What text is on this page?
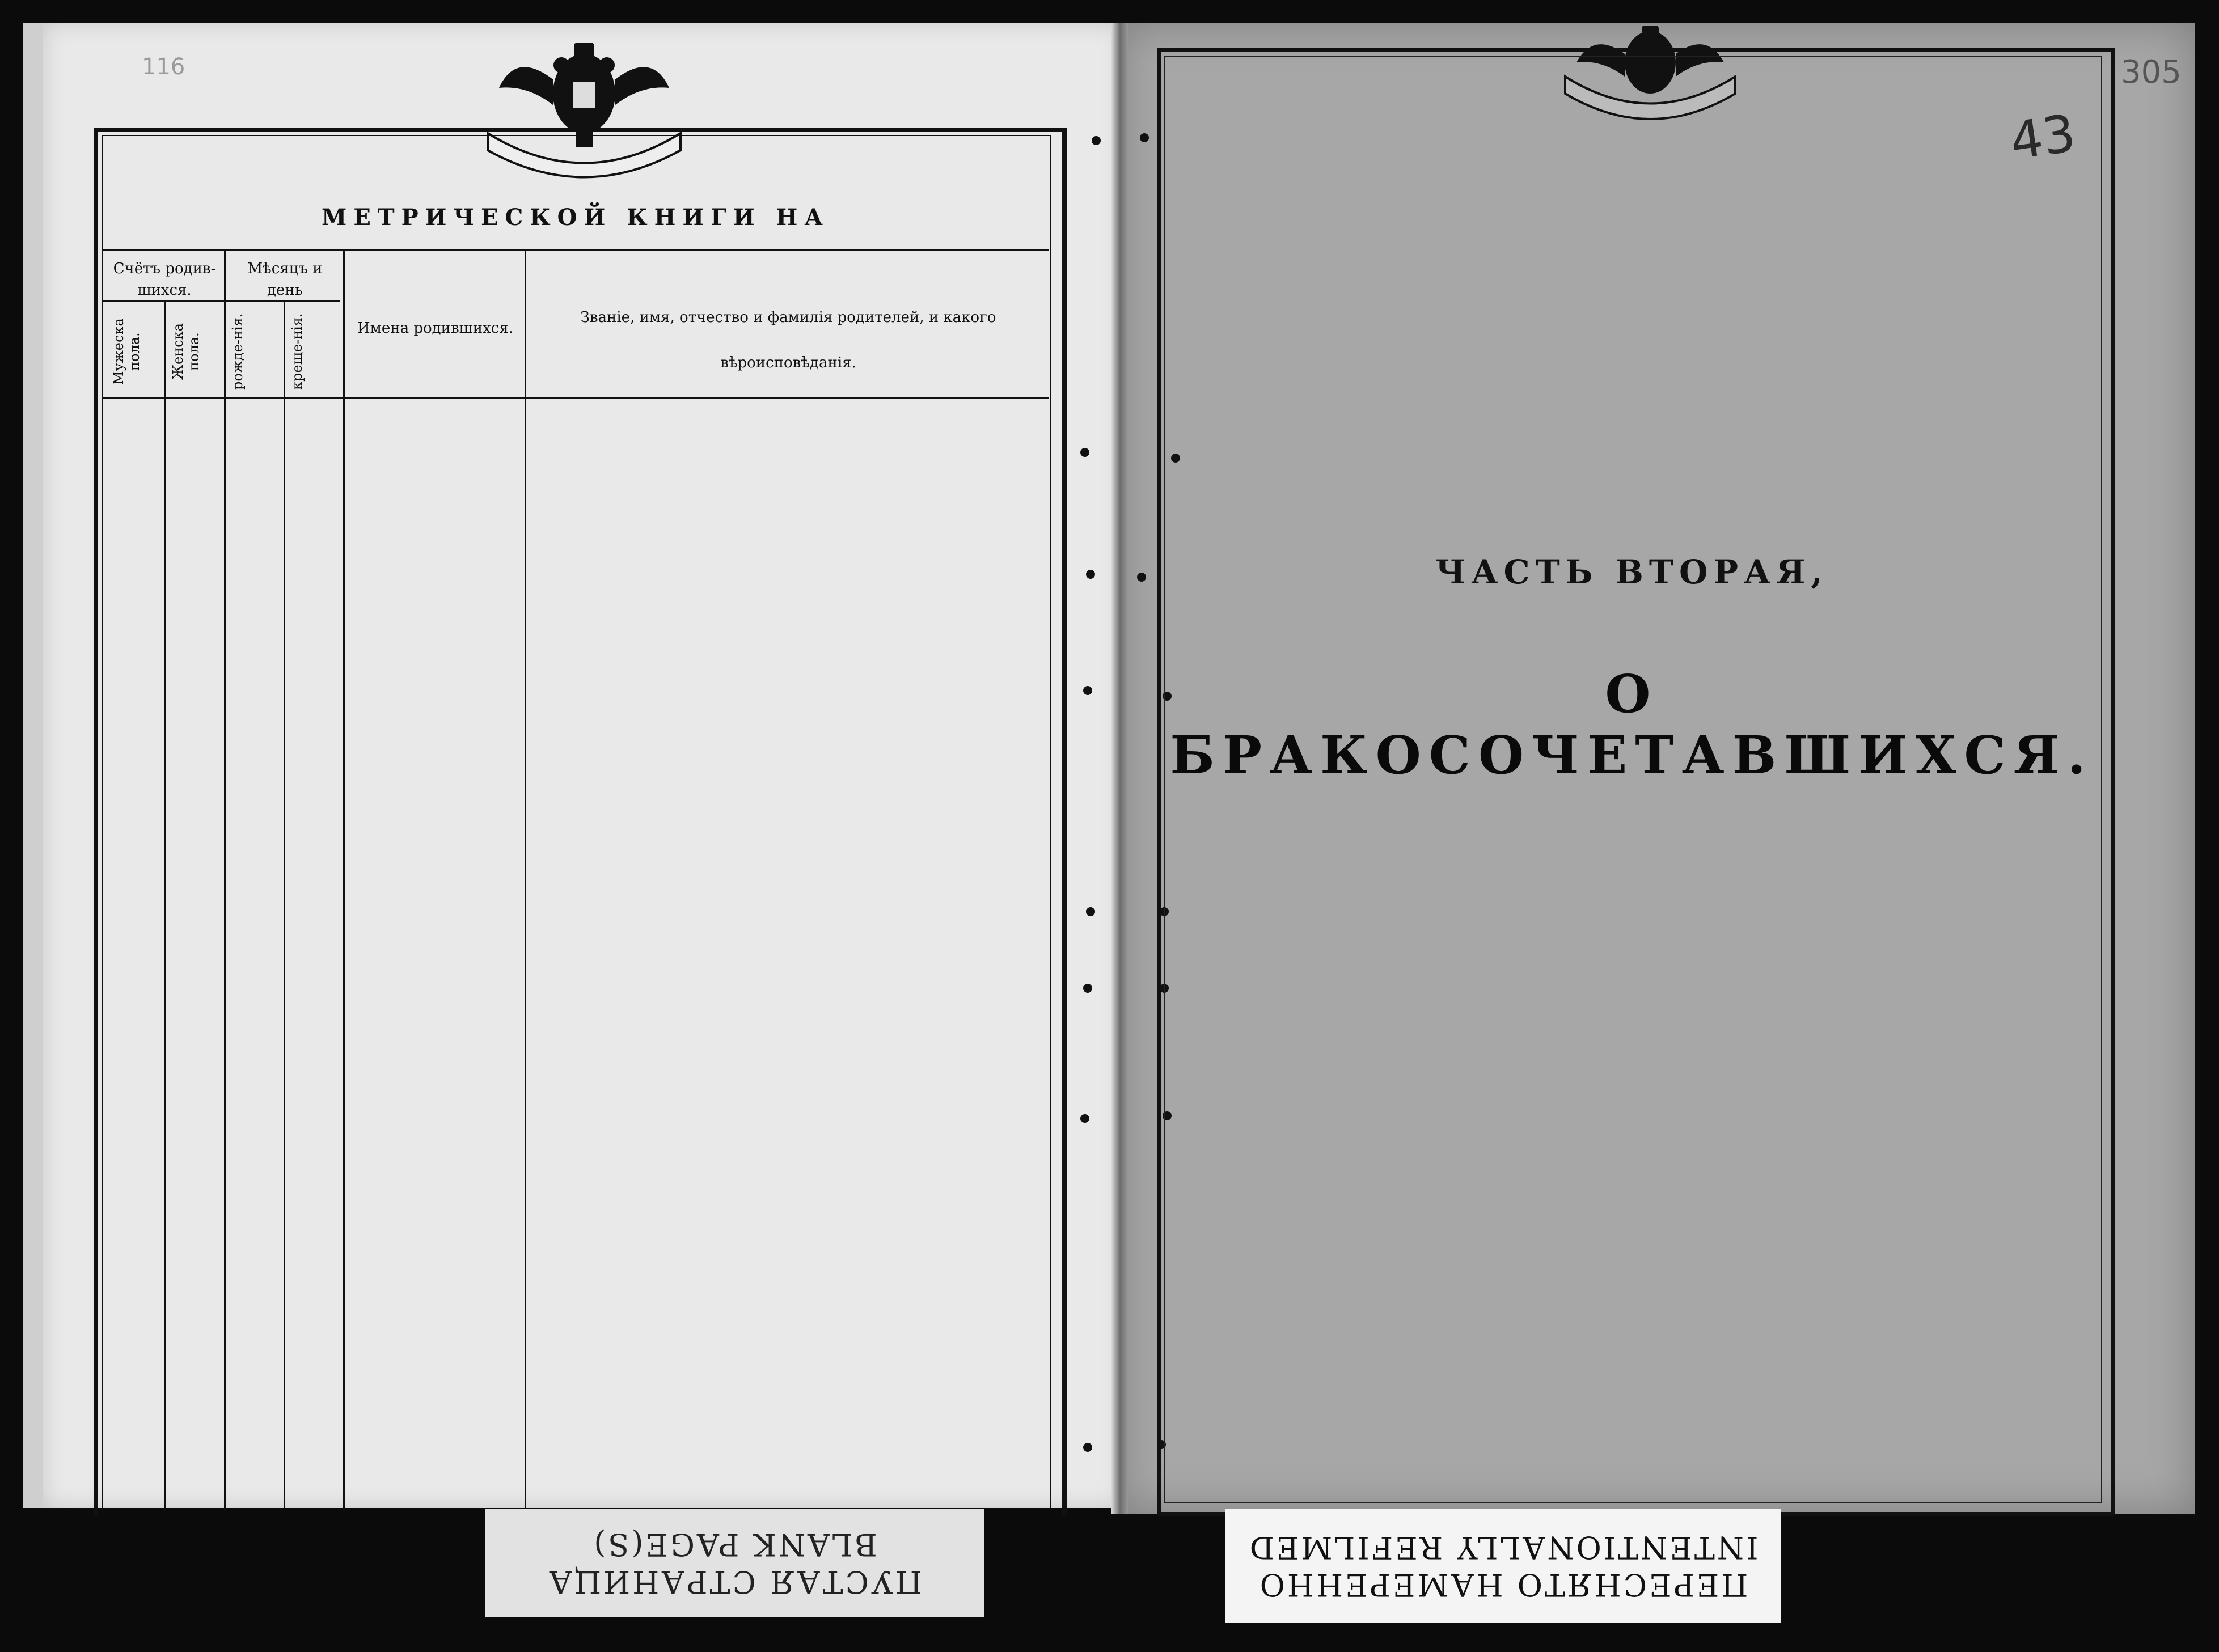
116
МЕТРИЧЕСКОЙ КНИГИ НА
Счётъ родив-шихся.
Мѣсяцъ и день
Мужеска пола.	Женска пола.	рожде-нія.	креще-нія.	Имена родившихся.
Званіе, имя, отчество и фамилія родителей, и какого вѣроисповѣданія.
43
305
ЧАСТЬ ВТОРАЯ,
О БРАКОСОЧЕТАВШИХСЯ.
ПУСТАЯ СТРАНИЦА
BLANK PAGE(S)
ПЕРЕСНЯТО НАМЕРЕННО
INTENTIONALLY REFILMED
